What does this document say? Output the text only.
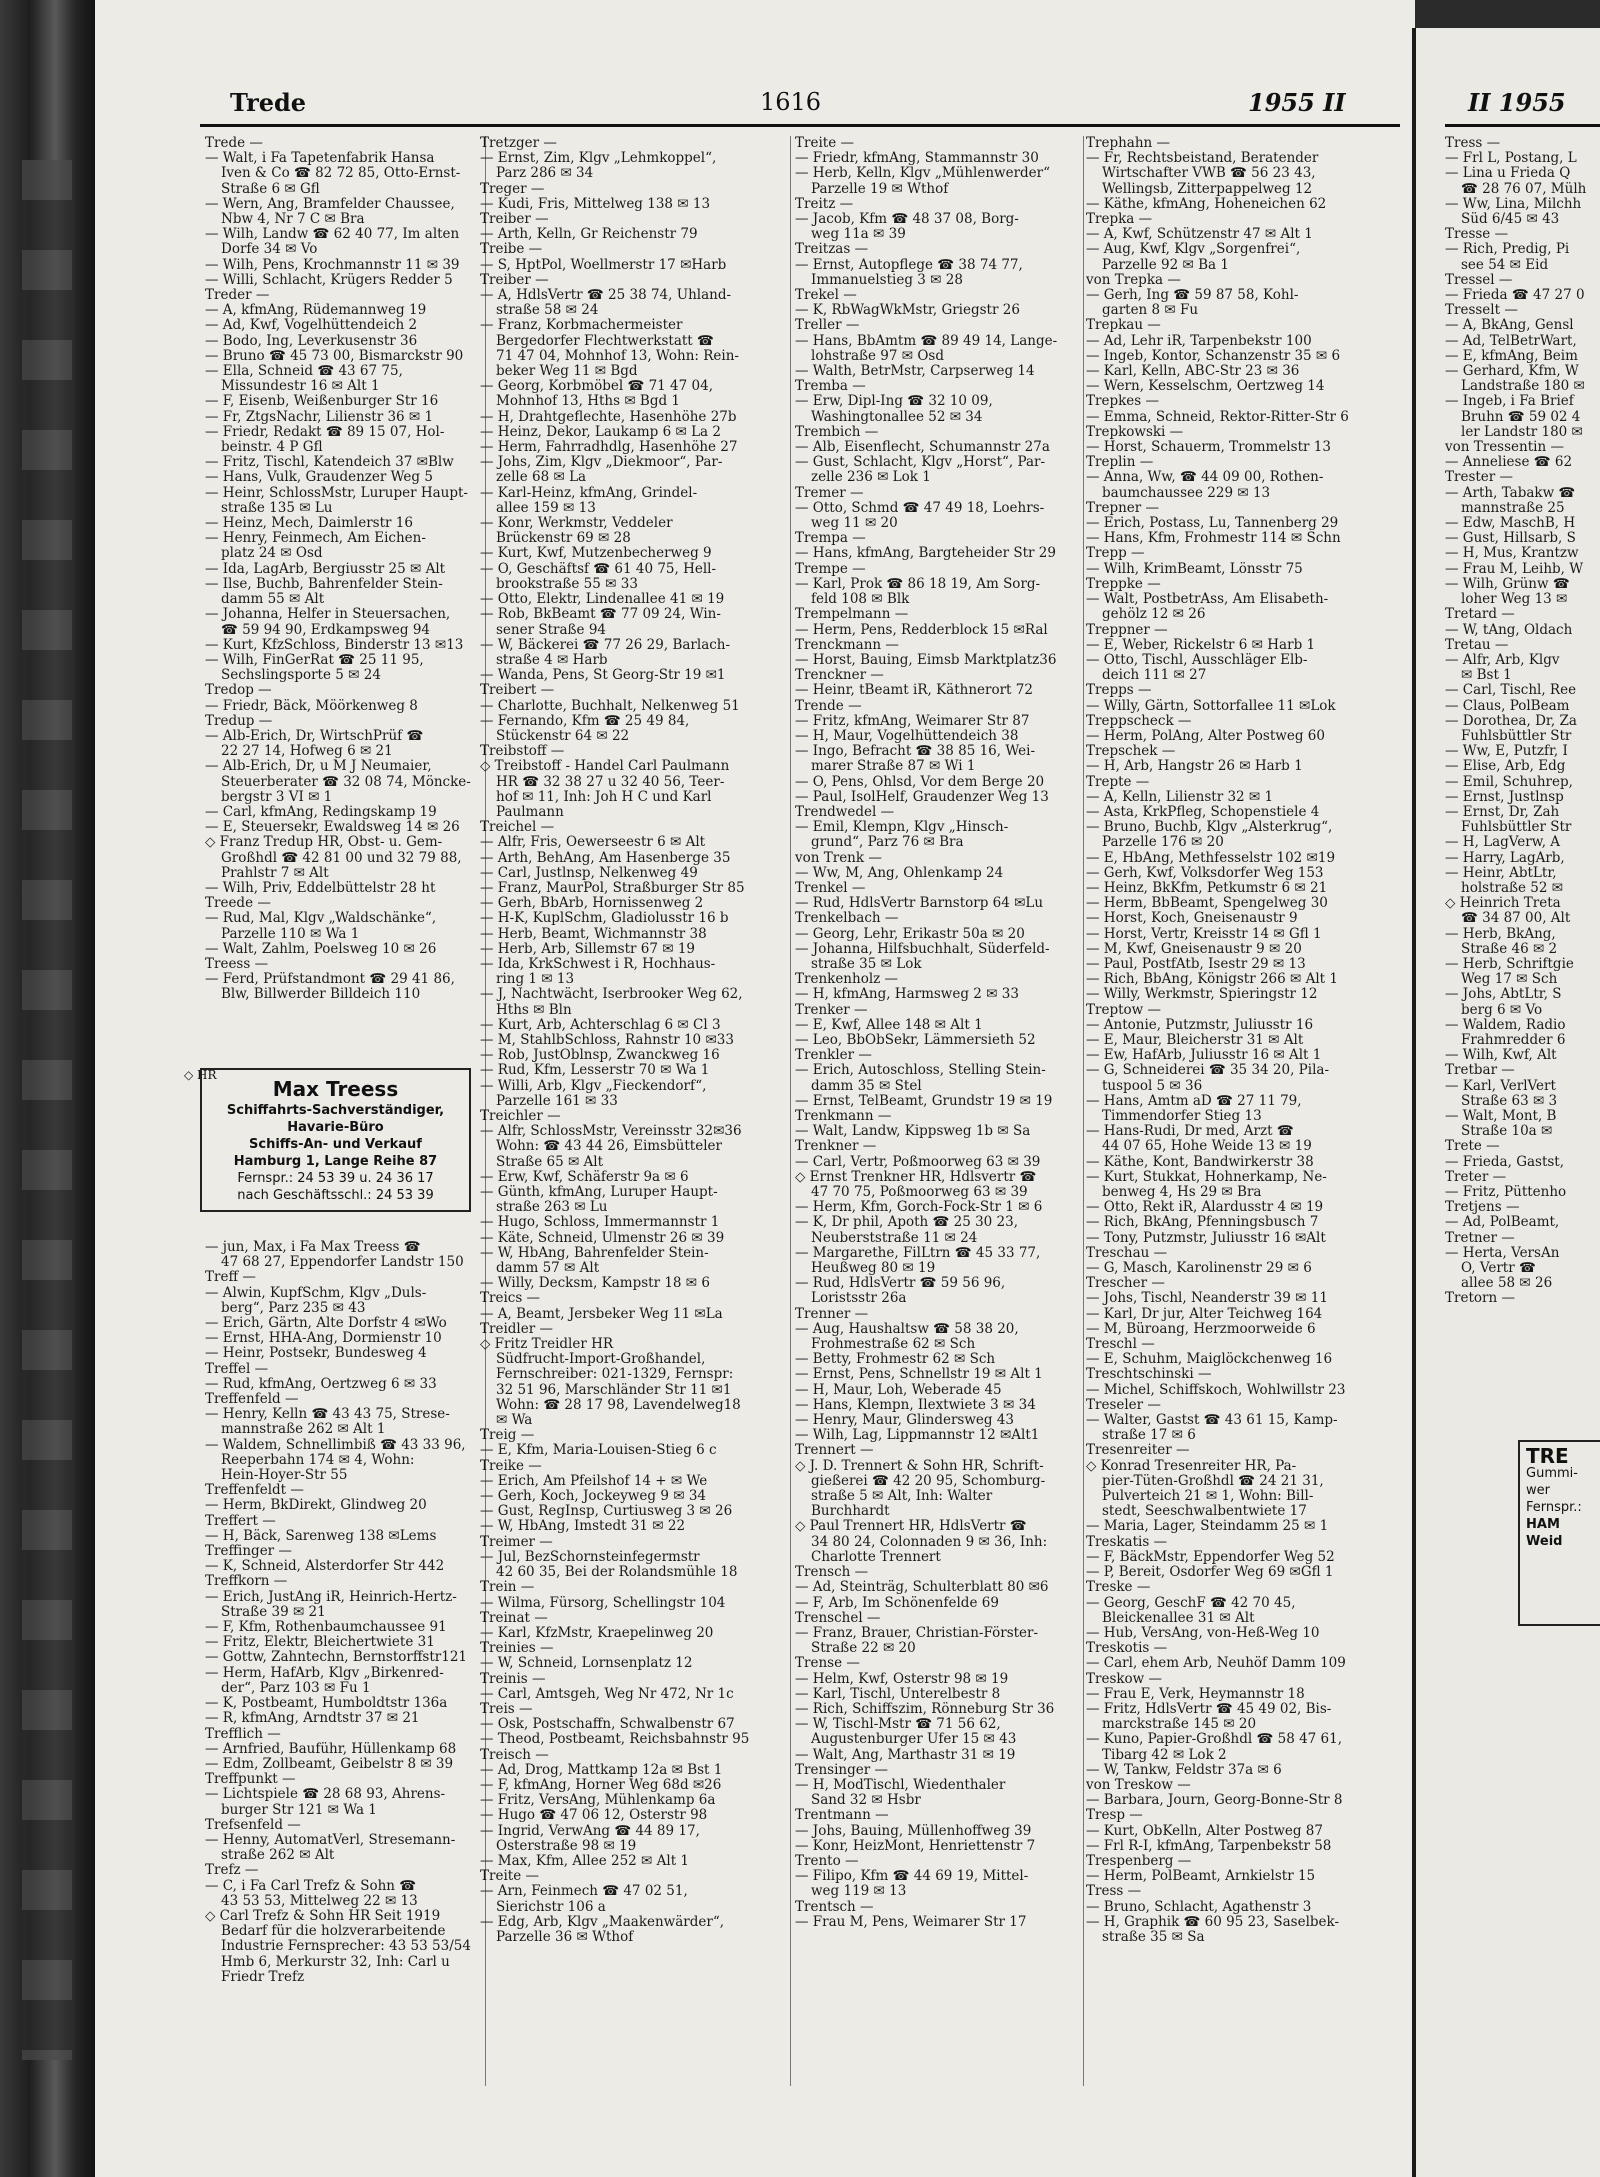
Trede	1616	1955 II	II 1955
Trede —
— Walt, i Fa Tapetenfabrik Hansa
Iven & Co ☎ 82 72 85, Otto-Ernst-
Straße 6 ✉ Gfl
— Wern, Ang, Bramfelder Chaussee,
Nbw 4, Nr 7 C ✉ Bra
— Wilh, Landw ☎ 62 40 77, Im alten
Dorfe 34 ✉ Vo
— Wilh, Pens, Krochmannstr 11 ✉ 39
— Willi, Schlacht, Krügers Redder 5
Treder —
— A, kfmAng, Rüdemannweg 19
— Ad, Kwf, Vogelhüttendeich 2
— Bodo, Ing, Leverkusenstr 36
— Bruno ☎ 45 73 00, Bismarckstr 90
— Ella, Schneid ☎ 43 67 75,
Missundestr 16 ✉ Alt 1
— F, Eisenb, Weißenburger Str 16
— Fr, ZtgsNachr, Lilienstr 36 ✉ 1
— Friedr, Redakt ☎ 89 15 07, Hol-
beinstr. 4 P Gfl
— Fritz, Tischl, Katendeich 37 ✉Blw
— Hans, Vulk, Graudenzer Weg 5
— Heinr, SchlossMstr, Luruper Haupt-
straße 135 ✉ Lu
— Heinz, Mech, Daimlerstr 16
— Henry, Feinmech, Am Eichen-
platz 24 ✉ Osd
— Ida, LagArb, Bergiusstr 25 ✉ Alt
— Ilse, Buchb, Bahrenfelder Stein-
damm 55 ✉ Alt
— Johanna, Helfer in Steuersachen,
☎ 59 94 90, Erdkampsweg 94
— Kurt, KfzSchloss, Binderstr 13 ✉13
— Wilh, FinGerRat ☎ 25 11 95,
Sechslingsporte 5 ✉ 24
Tredop —
— Friedr, Bäck, Möörkenweg 8
Tredup —
— Alb-Erich, Dr, WirtschPrüf ☎
22 27 14, Hofweg 6 ✉ 21
— Alb-Erich, Dr, u M J Neumaier,
Steuerberater ☎ 32 08 74, Möncke-
bergstr 3 VI ✉ 1
— Carl, kfmAng, Redingskamp 19
— E, Steuersekr, Ewaldsweg 14 ✉ 26
◇ Franz Tredup HR, Obst- u. Gem-
Großhdl ☎ 42 81 00 und 32 79 88,
Prahlstr 7 ✉ Alt
— Wilh, Priv, Eddelbüttelstr 28 ht
Treede —
— Rud, Mal, Klgv „Waldschänke“,
Parzelle 110 ✉ Wa 1
— Walt, Zahlm, Poelsweg 10 ✉ 26
Treess —
— Ferd, Prüfstandmont ☎ 29 41 86,
Blw, Billwerder Billdeich 110
Tretzger —
— Ernst, Zim, Klgv „Lehmkoppel“,
Parz 286 ✉ 34
Treger —
— Kudi, Fris, Mittelweg 138 ✉ 13
Treiber —
— Arth, Kelln, Gr Reichenstr 79
Treibe —
— S, HptPol, Woellmerstr 17 ✉Harb
Treiber —
— A, HdlsVertr ☎ 25 38 74, Uhland-
straße 58 ✉ 24
— Franz, Korbmachermeister
Bergedorfer Flechtwerkstatt ☎
71 47 04, Mohnhof 13, Wohn: Rein-
beker Weg 11 ✉ Bgd
— Georg, Korbmöbel ☎ 71 47 04,
Mohnhof 13, Hths ✉ Bgd 1
— H, Drahtgeflechte, Hasenhöhe 27b
— Heinz, Dekor, Laukamp 6 ✉ La 2
— Herm, Fahrradhdlg, Hasenhöhe 27
— Johs, Zim, Klgv „Diekmoor“, Par-
zelle 68 ✉ La
— Karl-Heinz, kfmAng, Grindel-
allee 159 ✉ 13
— Konr, Werkmstr, Veddeler
Brückenstr 69 ✉ 28
— Kurt, Kwf, Mutzenbecherweg 9
— O, Geschäftsf ☎ 61 40 75, Hell-
brookstraße 55 ✉ 33
— Otto, Elektr, Lindenallee 41 ✉ 19
— Rob, BkBeamt ☎ 77 09 24, Win-
sener Straße 94
— W, Bäckerei ☎ 77 26 29, Barlach-
straße 4 ✉ Harb
— Wanda, Pens, St Georg-Str 19 ✉1
Treibert —
— Charlotte, Buchhalt, Nelkenweg 51
— Fernando, Kfm ☎ 25 49 84,
Stückenstr 64 ✉ 22
Treibstoff —
◇ Treibstoff - Handel Carl Paulmann
HR ☎ 32 38 27 u 32 40 56, Teer-
hof ✉ 11, Inh: Joh H C und Karl
Paulmann
Treichel —
— Alfr, Fris, Oewerseestr 6 ✉ Alt
— Arth, BehAng, Am Hasenberge 35
— Carl, Justlnsp, Nelkenweg 49
— Franz, MaurPol, Straßburger Str 85
— Gerh, BbArb, Hornissenweg 2
— H-K, KuplSchm, Gladiolusstr 16 b
— Herb, Beamt, Wichmannstr 38
— Herb, Arb, Sillemstr 67 ✉ 19
— Ida, KrkSchwest i R, Hochhaus-
ring 1 ✉ 13
— J, Nachtwächt, Iserbrooker Weg 62,
Hths ✉ Bln
— Kurt, Arb, Achterschlag 6 ✉ Cl 3
— M, StahlbSchloss, Rahnstr 10 ✉33
— Rob, JustOblnsp, Zwanckweg 16
— Rud, Kfm, Lesserstr 70 ✉ Wa 1
— Willi, Arb, Klgv „Fieckendorf“,
Parzelle 161 ✉ 33
Treichler —
— Alfr, SchlossMstr, Vereinsstr 32✉36
Wohn: ☎ 43 44 26, Eimsbütteler
Straße 65 ✉ Alt
— Erw, Kwf, Schäferstr 9a ✉ 6
— Günth, kfmAng, Luruper Haupt-
straße 263 ✉ Lu
— Hugo, Schloss, Immermannstr 1
— Käte, Schneid, Ulmenstr 26 ✉ 39
— W, HbAng, Bahrenfelder Stein-
damm 57 ✉ Alt
— Willy, Decksm, Kampstr 18 ✉ 6
Treics —
— A, Beamt, Jersbeker Weg 11 ✉La
Treidler —
◇ Fritz Treidler HR
Südfrucht-Import-Großhandel,
Fernschreiber: 021-1329, Fernspr:
32 51 96, Marschländer Str 11 ✉1
Wohn: ☎ 28 17 98, Lavendelweg18
✉ Wa
Treig —
— E, Kfm, Maria-Louisen-Stieg 6 c
Treike —
— Erich, Am Pfeilshof 14 + ✉ We
— Gerh, Koch, Jockeyweg 9 ✉ 34
— Gust, RegInsp, Curtiusweg 3 ✉ 26
— W, HbAng, Imstedt 31 ✉ 22
Treimer —
— Jul, BezSchornsteinfegermstr
42 60 35, Bei der Rolandsmühle 18
Trein —
— Wilma, Fürsorg, Schellingstr 104
Treinat —
— Karl, KfzMstr, Kraepelinweg 20
Treinies —
— W, Schneid, Lornsenplatz 12
Treinis —
— Carl, Amtsgeh, Weg Nr 472, Nr 1c
Treis —
— Osk, Postschaffn, Schwalbenstr 67
— Theod, Postbeamt, Reichsbahnstr 95
Treisch —
— Ad, Drog, Mattkamp 12a ✉ Bst 1
— F, kfmAng, Horner Weg 68d ✉26
— Fritz, VersAng, Mühlenkamp 6a
— Hugo ☎ 47 06 12, Osterstr 98
— Ingrid, VerwAng ☎ 44 89 17,
Osterstraße 98 ✉ 19
— Max, Kfm, Allee 252 ✉ Alt 1
Treite —
— Arn, Feinmech ☎ 47 02 51,
Sierichstr 106 a
— Edg, Arb, Klgv „Maakenwärder“,
Parzelle 36 ✉ Wthof
Treite —
— Friedr, kfmAng, Stammannstr 30
— Herb, Kelln, Klgv „Mühlenwerder“
Parzelle 19 ✉ Wthof
Treitz —
— Jacob, Kfm ☎ 48 37 08, Borg-
weg 11a ✉ 39
Treitzas —
— Ernst, Autopflege ☎ 38 74 77,
Immanuelstieg 3 ✉ 28
Trekel —
— K, RbWagWkMstr, Griegstr 26
Treller —
— Hans, BbAmtm ☎ 89 49 14, Lange-
lohstraße 97 ✉ Osd
— Walth, BetrMstr, Carpserweg 14
Tremba —
— Erw, Dipl-Ing ☎ 32 10 09,
Washingtonallee 52 ✉ 34
Trembich —
— Alb, Eisenflecht, Schumannstr 27a
— Gust, Schlacht, Klgv „Horst“, Par-
zelle 236 ✉ Lok 1
Tremer —
— Otto, Schmd ☎ 47 49 18, Loehrs-
weg 11 ✉ 20
Trempa —
— Hans, kfmAng, Bargteheider Str 29
Trempe —
— Karl, Prok ☎ 86 18 19, Am Sorg-
feld 108 ✉ Blk
Trempelmann —
— Herm, Pens, Redderblock 15 ✉Ral
Trenckmann —
— Horst, Bauing, Eimsb Marktplatz36
Trenckner —
— Heinr, tBeamt iR, Käthnerort 72
Trende —
— Fritz, kfmAng, Weimarer Str 87
— H, Maur, Vogelhüttendeich 38
— Ingo, Befracht ☎ 38 85 16, Wei-
marer Straße 87 ✉ Wi 1
— O, Pens, Ohlsd, Vor dem Berge 20
— Paul, IsolHelf, Graudenzer Weg 13
Trendwedel —
— Emil, Klempn, Klgv „Hinsch-
grund“, Parz 76 ✉ Bra
von Trenk —
— Ww, M, Ang, Ohlenkamp 24
Trenkel —
— Rud, HdlsVertr Barnstorp 64 ✉Lu
Trenkelbach —
— Georg, Lehr, Erikastr 50a ✉ 20
— Johanna, Hilfsbuchhalt, Süderfeld-
straße 35 ✉ Lok
Trenkenholz —
— H, kfmAng, Harmsweg 2 ✉ 33
Trenker —
— E, Kwf, Allee 148 ✉ Alt 1
— Leo, BbObSekr, Lämmersieth 52
Trenkler —
— Erich, Autoschloss, Stelling Stein-
damm 35 ✉ Stel
— Ernst, TelBeamt, Grundstr 19 ✉ 19
Trenkmann —
— Walt, Landw, Kippsweg 1b ✉ Sa
Trenkner —
— Carl, Vertr, Poßmoorweg 63 ✉ 39
◇ Ernst Trenkner HR, Hdlsvertr ☎
47 70 75, Poßmoorweg 63 ✉ 39
— Herm, Kfm, Gorch-Fock-Str 1 ✉ 6
— K, Dr phil, Apoth ☎ 25 30 23,
Neuberststraße 11 ✉ 24
— Margarethe, FilLtrn ☎ 45 33 77,
Heußweg 80 ✉ 19
— Rud, HdlsVertr ☎ 59 56 96,
Loristsstr 26a
Trenner —
— Aug, Haushaltsw ☎ 58 38 20,
Frohmestraße 62 ✉ Sch
— Betty, Frohmestr 62 ✉ Sch
— Ernst, Pens, Schnellstr 19 ✉ Alt 1
— H, Maur, Loh, Weberade 45
— Hans, Klempn, Ilextwiete 3 ✉ 34
— Henry, Maur, Glindersweg 43
— Wilh, Lag, Lippmannstr 12 ✉Alt1
Trennert —
◇ J. D. Trennert & Sohn HR, Schrift-
gießerei ☎ 42 20 95, Schomburg-
straße 5 ✉ Alt, Inh: Walter
Burchhardt
◇ Paul Trennert HR, HdlsVertr ☎
34 80 24, Colonnaden 9 ✉ 36, Inh:
Charlotte Trennert
Trensch —
— Ad, Steinträg, Schulterblatt 80 ✉6
— F, Arb, Im Schönenfelde 69
Trenschel —
— Franz, Brauer, Christian-Förster-
Straße 22 ✉ 20
Trense —
— Helm, Kwf, Osterstr 98 ✉ 19
— Karl, Tischl, Unterelbestr 8
— Rich, Schiffszim, Rönneburg Str 36
— W, Tischl-Mstr ☎ 71 56 62,
Augustenburger Ufer 15 ✉ 43
— Walt, Ang, Marthastr 31 ✉ 19
Trensinger —
— H, ModTischl, Wiedenthaler
Sand 32 ✉ Hsbr
Trentmann —
— Johs, Bauing, Müllenhoffweg 39
— Konr, HeizMont, Henriettenstr 7
Trento —
— Filipo, Kfm ☎ 44 69 19, Mittel-
weg 119 ✉ 13
Trentsch —
— Frau M, Pens, Weimarer Str 17
Trephahn —
— Fr, Rechtsbeistand, Beratender
Wirtschafter VWB ☎ 56 23 43,
Wellingsb, Zitterpappelweg 12
— Käthe, kfmAng, Hoheneichen 62
Trepka —
— A, Kwf, Schützenstr 47 ✉ Alt 1
— Aug, Kwf, Klgv „Sorgenfrei“,
Parzelle 92 ✉ Ba 1
von Trepka —
— Gerh, Ing ☎ 59 87 58, Kohl-
garten 8 ✉ Fu
Trepkau —
— Ad, Lehr iR, Tarpenbekstr 100
— Ingeb, Kontor, Schanzenstr 35 ✉ 6
— Karl, Kelln, ABC-Str 23 ✉ 36
— Wern, Kesselschm, Oertzweg 14
Trepkes —
— Emma, Schneid, Rektor-Ritter-Str 6
Trepkowski —
— Horst, Schauerm, Trommelstr 13
Treplin —
— Anna, Ww, ☎ 44 09 00, Rothen-
baumchaussee 229 ✉ 13
Trepner —
— Erich, Postass, Lu, Tannenberg 29
— Hans, Kfm, Frohmestr 114 ✉ Schn
Trepp —
— Wilh, KrimBeamt, Lönsstr 75
Treppke —
— Walt, PostbetrAss, Am Elisabeth-
gehölz 12 ✉ 26
Treppner —
— E, Weber, Rickelstr 6 ✉ Harb 1
— Otto, Tischl, Ausschläger Elb-
deich 111 ✉ 27
Trepps —
— Willy, Gärtn, Sottorfallee 11 ✉Lok
Treppscheck —
— Herm, PolAng, Alter Postweg 60
Trepschek —
— H, Arb, Hangstr 26 ✉ Harb 1
Trepte —
— A, Kelln, Lilienstr 32 ✉ 1
— Asta, KrkPfleg, Schopenstiele 4
— Bruno, Buchb, Klgv „Alsterkrug“,
Parzelle 176 ✉ 20
— E, HbAng, Methfesselstr 102 ✉19
— Gerh, Kwf, Volksdorfer Weg 153
— Heinz, BkKfm, Petkumstr 6 ✉ 21
— Herm, BbBeamt, Spengelweg 30
— Horst, Koch, Gneisenaustr 9
— Horst, Vertr, Kreisstr 14 ✉ Gfl 1
— M, Kwf, Gneisenaustr 9 ✉ 20
— Paul, PostfAtb, Isestr 29 ✉ 13
— Rich, BbAng, Königstr 266 ✉ Alt 1
— Willy, Werkmstr, Spieringstr 12
Treptow —
— Antonie, Putzmstr, Juliusstr 16
— E, Maur, Bleicherstr 31 ✉ Alt
— Ew, HafArb, Juliusstr 16 ✉ Alt 1
— G, Schneiderei ☎ 35 34 20, Pila-
tuspool 5 ✉ 36
— Hans, Amtm aD ☎ 27 11 79,
Timmendorfer Stieg 13
— Hans-Rudi, Dr med, Arzt ☎
44 07 65, Hohe Weide 13 ✉ 19
— Käthe, Kont, Bandwirkerstr 38
— Kurt, Stukkat, Hohnerkamp, Ne-
benweg 4, Hs 29 ✉ Bra
— Otto, Rekt iR, Alardusstr 4 ✉ 19
— Rich, BkAng, Pfenningsbusch 7
— Tony, Putzmstr, Juliusstr 16 ✉Alt
Treschau —
— G, Masch, Karolinenstr 29 ✉ 6
Trescher —
— Johs, Tischl, Neanderstr 39 ✉ 11
— Karl, Dr jur, Alter Teichweg 164
— M, Büroang, Herzmoorweide 6
Treschl —
— E, Schuhm, Maiglöckchenweg 16
Treschtschinski —
— Michel, Schiffskoch, Wohlwillstr 23
Treseler —
— Walter, Gastst ☎ 43 61 15, Kamp-
straße 17 ✉ 6
Tresenreiter —
◇ Konrad Tresenreiter HR, Pa-
pier-Tüten-Großhdl ☎ 24 21 31,
Pulverteich 21 ✉ 1, Wohn: Bill-
stedt, Seeschwalbentwiete 17
— Maria, Lager, Steindamm 25 ✉ 1
Treskatis —
— F, BäckMstr, Eppendorfer Weg 52
— P, Bereit, Osdorfer Weg 69 ✉Gfl 1
Treske —
— Georg, GeschF ☎ 42 70 45,
Bleickenallee 31 ✉ Alt
— Hub, VersAng, von-Heß-Weg 10
Treskotis —
— Carl, ehem Arb, Neuhöf Damm 109
Treskow —
— Frau E, Verk, Heymannstr 18
— Fritz, HdlsVertr ☎ 45 49 02, Bis-
marckstraße 145 ✉ 20
— Kuno, Papier-Großhdl ☎ 58 47 61,
Tibarg 42 ✉ Lok 2
— W, Tankw, Feldstr 37a ✉ 6
von Treskow —
— Barbara, Journ, Georg-Bonne-Str 8
Tresp —
— Kurt, ObKelln, Alter Postweg 87
— Frl R-I, kfmAng, Tarpenbekstr 58
Trespenberg —
— Herm, PolBeamt, Arnkielstr 15
Tress —
— Bruno, Schlacht, Agathenstr 3
— H, Graphik ☎ 60 95 23, Saselbek-
straße 35 ✉ Sa
Tress —
— Frl L, Postang, L
— Lina u Frieda Q
☎ 28 76 07, Mülh
— Ww, Lina, Milchh
Süd 6/45 ✉ 43
Tresse —
— Rich, Predig, Pi
see 54 ✉ Eid
Tressel —
— Frieda ☎ 47 27 0
Tresselt —
— A, BkAng, Gensl
— Ad, TelBetrWart,
— E, kfmAng, Beim
— Gerhard, Kfm, W
Landstraße 180 ✉
— Ingeb, i Fa Brief
Bruhn ☎ 59 02 4
ler Landstr 180 ✉
von Tressentin —
— Anneliese ☎ 62
Trester —
— Arth, Tabakw ☎
mannstraße 25
— Edw, MaschB, H
— Gust, Hillsarb, S
— H, Mus, Krantzw
— Frau M, Leihb, W
— Wilh, Grünw ☎
loher Weg 13 ✉
Tretard —
— W, tAng, Oldach
Tretau —
— Alfr, Arb, Klgv
✉ Bst 1
— Carl, Tischl, Ree
— Claus, PolBeam
— Dorothea, Dr, Za
Fuhlsbüttler Str
— Ww, E, Putzfr, I
— Elise, Arb, Edg
— Emil, Schuhrep,
— Ernst, Justlnsp
— Ernst, Dr, Zah
Fuhlsbüttler Str
— H, LagVerw, A
— Harry, LagArb,
— Heinr, AbtLtr,
holstraße 52 ✉
◇ Heinrich Treta
☎ 34 87 00, Alt
— Herb, BkAng,
Straße 46 ✉ 2
— Herb, Schriftgie
Weg 17 ✉ Sch
— Johs, AbtLtr, S
berg 6 ✉ Vo
— Waldem, Radio
Frahmredder 6
— Wilh, Kwf, Alt
Tretbar —
— Karl, VerlVert
Straße 63 ✉ 3
— Walt, Mont, B
Straße 10a ✉
Trete —
— Frieda, Gastst,
Treter —
— Fritz, Püttenho
Tretjens —
— Ad, PolBeamt,
Tretner —
— Herta, VersAn
O, Vertr ☎
allee 58 ✉ 26
Tretorn —
◇ HR
Max Treess
Schiffahrts-Sachverständiger,
Havarie-Büro
Schiffs-An- und Verkauf
Hamburg 1, Lange Reihe 87
Fernspr.: 24 53 39 u. 24 36 17
nach Geschäftsschl.: 24 53 39
— jun, Max, i Fa Max Treess ☎
47 68 27, Eppendorfer Landstr 150
Treff —
— Alwin, KupfSchm, Klgv „Duls-
berg“, Parz 235 ✉ 43
— Erich, Gärtn, Alte Dorfstr 4 ✉Wo
— Ernst, HHA-Ang, Dormienstr 10
— Heinr, Postsekr, Bundesweg 4
Treffel —
— Rud, kfmAng, Oertzweg 6 ✉ 33
Treffenfeld —
— Henry, Kelln ☎ 43 43 75, Strese-
mannstraße 262 ✉ Alt 1
— Waldem, Schnellimbiß ☎ 43 33 96,
Reeperbahn 174 ✉ 4, Wohn:
Hein-Hoyer-Str 55
Treffenfeldt —
— Herm, BkDirekt, Glindweg 20
Treffert —
— H, Bäck, Sarenweg 138 ✉Lems
Treffinger —
— K, Schneid, Alsterdorfer Str 442
Treffkorn —
— Erich, JustAng iR, Heinrich-Hertz-
Straße 39 ✉ 21
— F, Kfm, Rothenbaumchaussee 91
— Fritz, Elektr, Bleichertwiete 31
— Gottw, Zahntechn, Bernstorffstr121
— Herm, HafArb, Klgv „Birkenred-
der“, Parz 103 ✉ Fu 1
— K, Postbeamt, Humboldtstr 136a
— R, kfmAng, Arndtstr 37 ✉ 21
Trefflich —
— Arnfried, Bauführ, Hüllenkamp 68
— Edm, Zollbeamt, Geibelstr 8 ✉ 39
Treffpunkt —
— Lichtspiele ☎ 28 68 93, Ahrens-
burger Str 121 ✉ Wa 1
Trefsenfeld —
— Henny, AutomatVerl, Stresemann-
straße 262 ✉ Alt
Trefz —
— C, i Fa Carl Trefz & Sohn ☎
43 53 53, Mittelweg 22 ✉ 13
◇ Carl Trefz & Sohn HR Seit 1919
Bedarf für die holzverarbeitende
Industrie Fernsprecher: 43 53 53/54
Hmb 6, Merkurstr 32, Inh: Carl u
Friedr Trefz
TRE
Gummi-
wer
Fernspr.:
HAM
Weid
